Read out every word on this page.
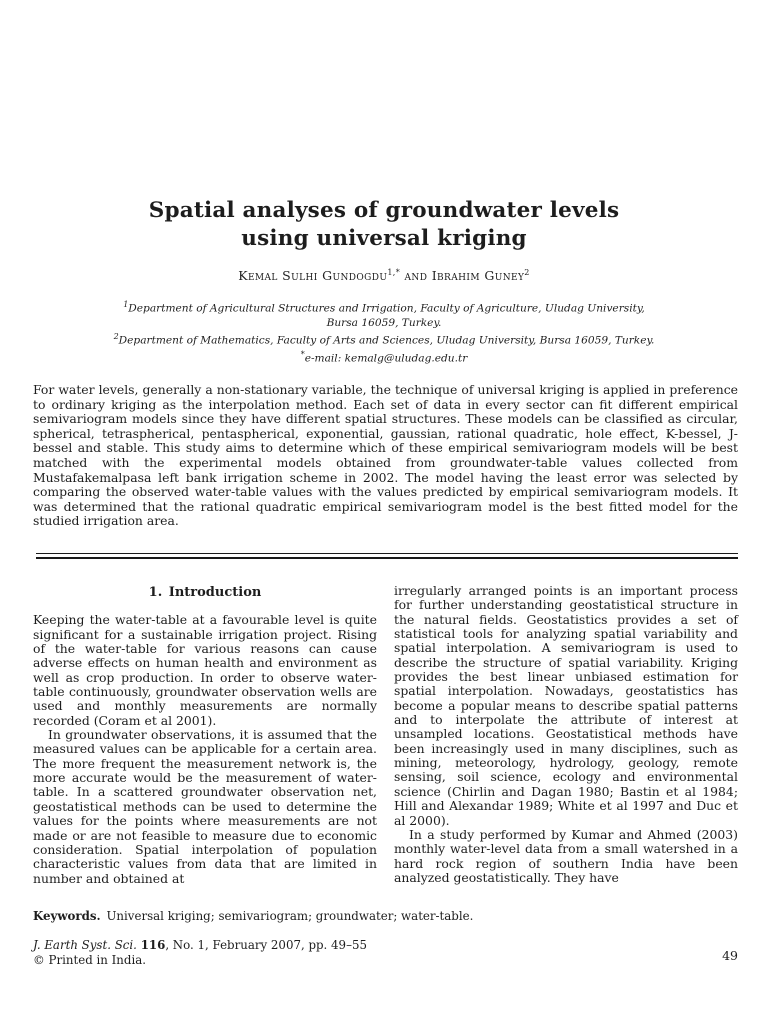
Spatial analyses of groundwater levels
using universal kriging
Kemal Sulhi Gundogdu$^{1,*}$ and Ibrahim Guney$^2$
$^1$Department of Agricultural Structures and Irrigation, Faculty of Agriculture, Uludag University,
Bursa 16059, Turkey.
$^2$Department of Mathematics, Faculty of Arts and Sciences, Uludag University, Bursa 16059, Turkey.
*e-mail: kemalg@uludag.edu.tr
For water levels, generally a non-stationary variable, the technique of universal kriging is applied in preference to ordinary kriging as the interpolation method. Each set of data in every sector can fit different empirical semivariogram models since they have different spatial structures. These models can be classified as circular, spherical, tetraspherical, pentaspherical, exponential, gaussian, rational quadratic, hole effect, K-bessel, J-bessel and stable. This study aims to determine which of these empirical semivariogram models will be best matched with the experimental models obtained from groundwater-table values collected from Mustafakemalpasa left bank irrigation scheme in 2002. The model having the least error was selected by comparing the observed water-table values with the values predicted by empirical semivariogram models. It was determined that the rational quadratic empirical semivariogram model is the best fitted model for the studied irrigation area.
1. Introduction

Keeping the water-table at a favourable level is quite significant for a sustainable irrigation project. Rising of the water-table for various reasons can cause adverse effects on human health and environment as well as crop production. In order to observe water-table continuously, groundwater observation wells are used and monthly measurements are normally recorded (Coram et al 2001).

In groundwater observations, it is assumed that the measured values can be applicable for a certain area. The more frequent the measurement network is, the more accurate would be the measurement of water-table. In a scattered groundwater observation net, geostatistical methods can be used to determine the values for the points where measurements are not made or are not feasible to measure due to economic consideration. Spatial interpolation of population characteristic values from data that are limited in number and obtained at

irregularly arranged points is an important process for further understanding geostatistical structure in the natural fields. Geostatistics provides a set of statistical tools for analyzing spatial variability and spatial interpolation. A semivariogram is used to describe the structure of spatial variability. Kriging provides the best linear unbiased estimation for spatial interpolation. Nowadays, geostatistics has become a popular means to describe spatial patterns and to interpolate the attribute of interest at unsampled locations. Geostatistical methods have been increasingly used in many disciplines, such as mining, meteorology, hydrology, geology, remote sensing, soil science, ecology and environmental science (Chirlin and Dagan 1980; Bastin et al 1984; Hill and Alexandar 1989; White et al 1997 and Duc et al 2000).

In a study performed by Kumar and Ahmed (2003) monthly water-level data from a small watershed in a hard rock region of southern India have been analyzed geostatistically. They have

Keywords. Universal kriging; semivariogram; groundwater; water-table.
J. Earth Syst. Sci. 116, No. 1, February 2007, pp. 49–55
© Printed in India.	49
